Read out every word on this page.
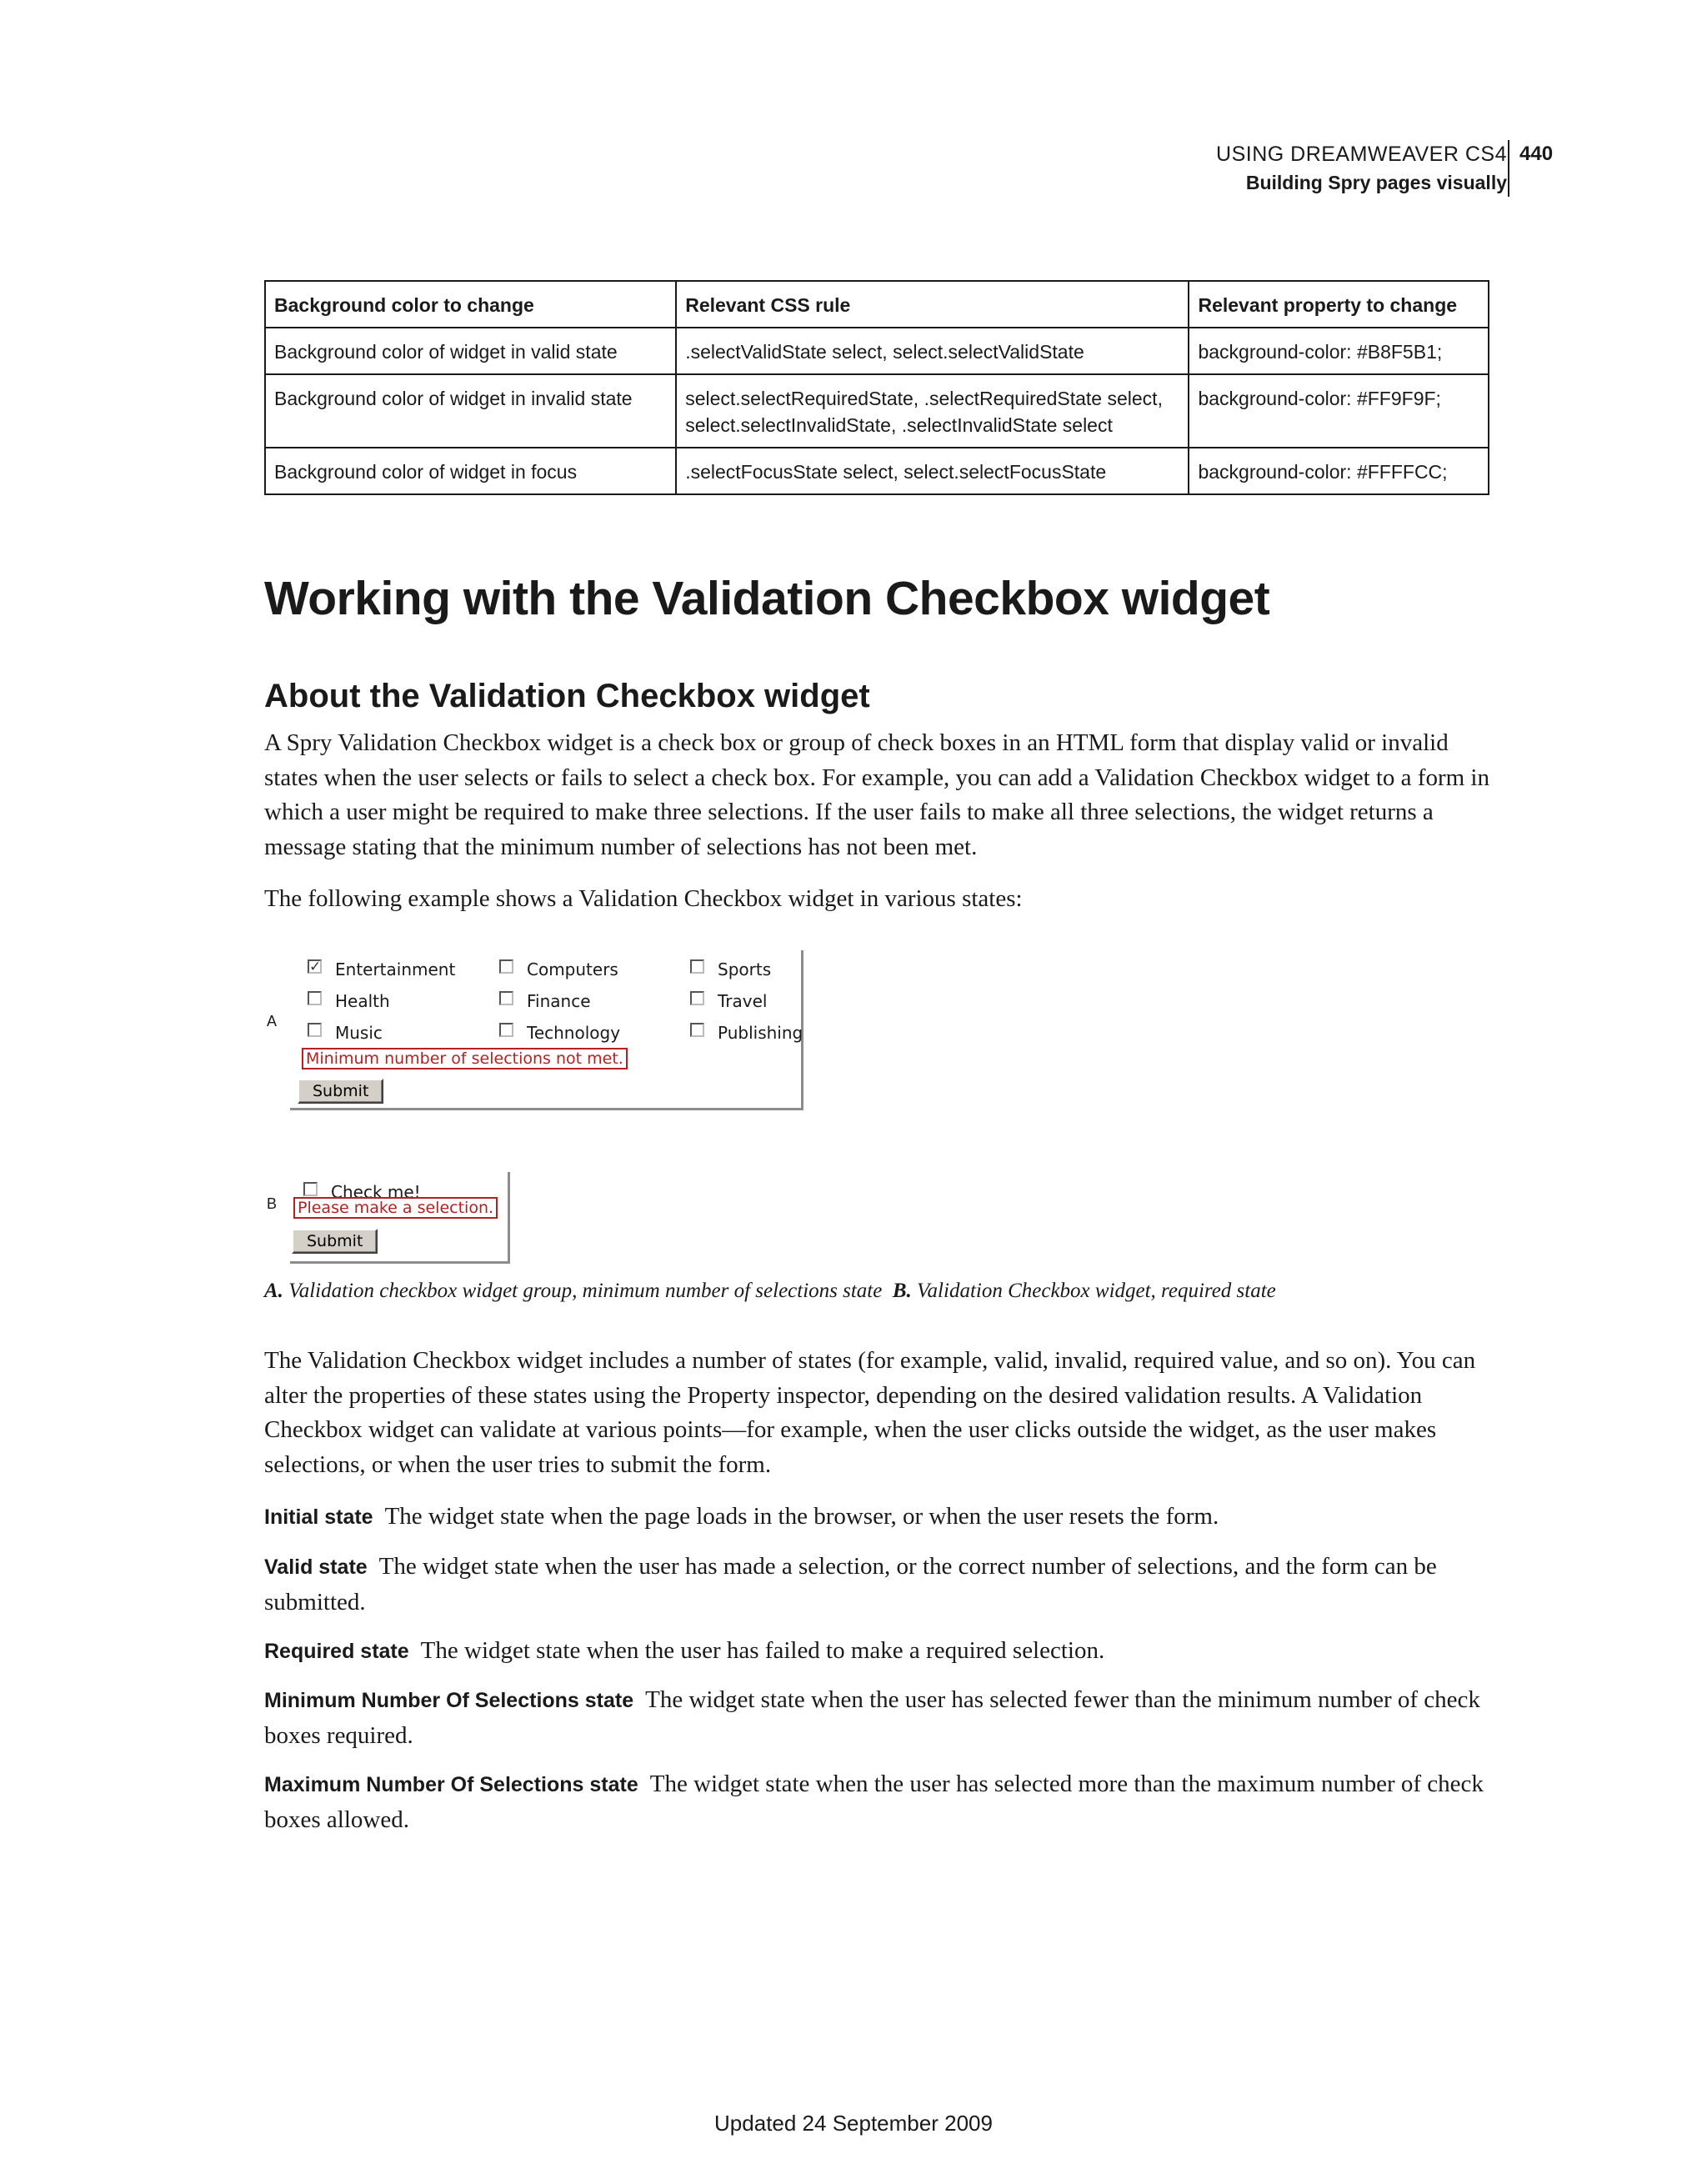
USING DREAMWEAVER CS4
Building Spry pages visually
440
Background color to change	Relevant CSS rule	Relevant property to change
Background color of widget in valid state	.selectValidState select, select.selectValidState	background-color: #B8F5B1;
Background color of widget in invalid state	select.selectRequiredState, .selectRequiredState select, select.selectInvalidState, .selectInvalidState select	background-color: #FF9F9F;
Background color of widget in focus	.selectFocusState select, select.selectFocusState	background-color: #FFFFCC;
Working with the Validation Checkbox widget
About the Validation Checkbox widget

A Spry Validation Checkbox widget is a check box or group of check boxes in an HTML form that display valid or invalid states when the user selects or fails to select a check box. For example, you can add a Validation Checkbox widget to a form in which a user might be required to make three selections. If the user fails to make all three selections, the widget returns a message stating that the minimum number of selections has not been met.

The following example shows a Validation Checkbox widget in various states:

A
✓
Entertainment	Computers	Sports
Health	Finance	Travel
Music	Technology	Publishing
Minimum number of selections not met.
Submit
B
Check me!
Please make a selection.
Submit
A. Validation checkbox widget group, minimum number of selections state B. Validation Checkbox widget, required state

The Validation Checkbox widget includes a number of states (for example, valid, invalid, required value, and so on). You can alter the properties of these states using the Property inspector, depending on the desired validation results. A Validation Checkbox widget can validate at various points—for example, when the user clicks outside the widget, as the user makes selections, or when the user tries to submit the form.

Initial state The widget state when the page loads in the browser, or when the user resets the form.

Valid state The widget state when the user has made a selection, or the correct number of selections, and the form can be submitted.

Required state The widget state when the user has failed to make a required selection.

Minimum Number Of Selections state The widget state when the user has selected fewer than the minimum number of check boxes required.

Maximum Number Of Selections state The widget state when the user has selected more than the maximum number of check boxes allowed.

Updated 24 September 2009
